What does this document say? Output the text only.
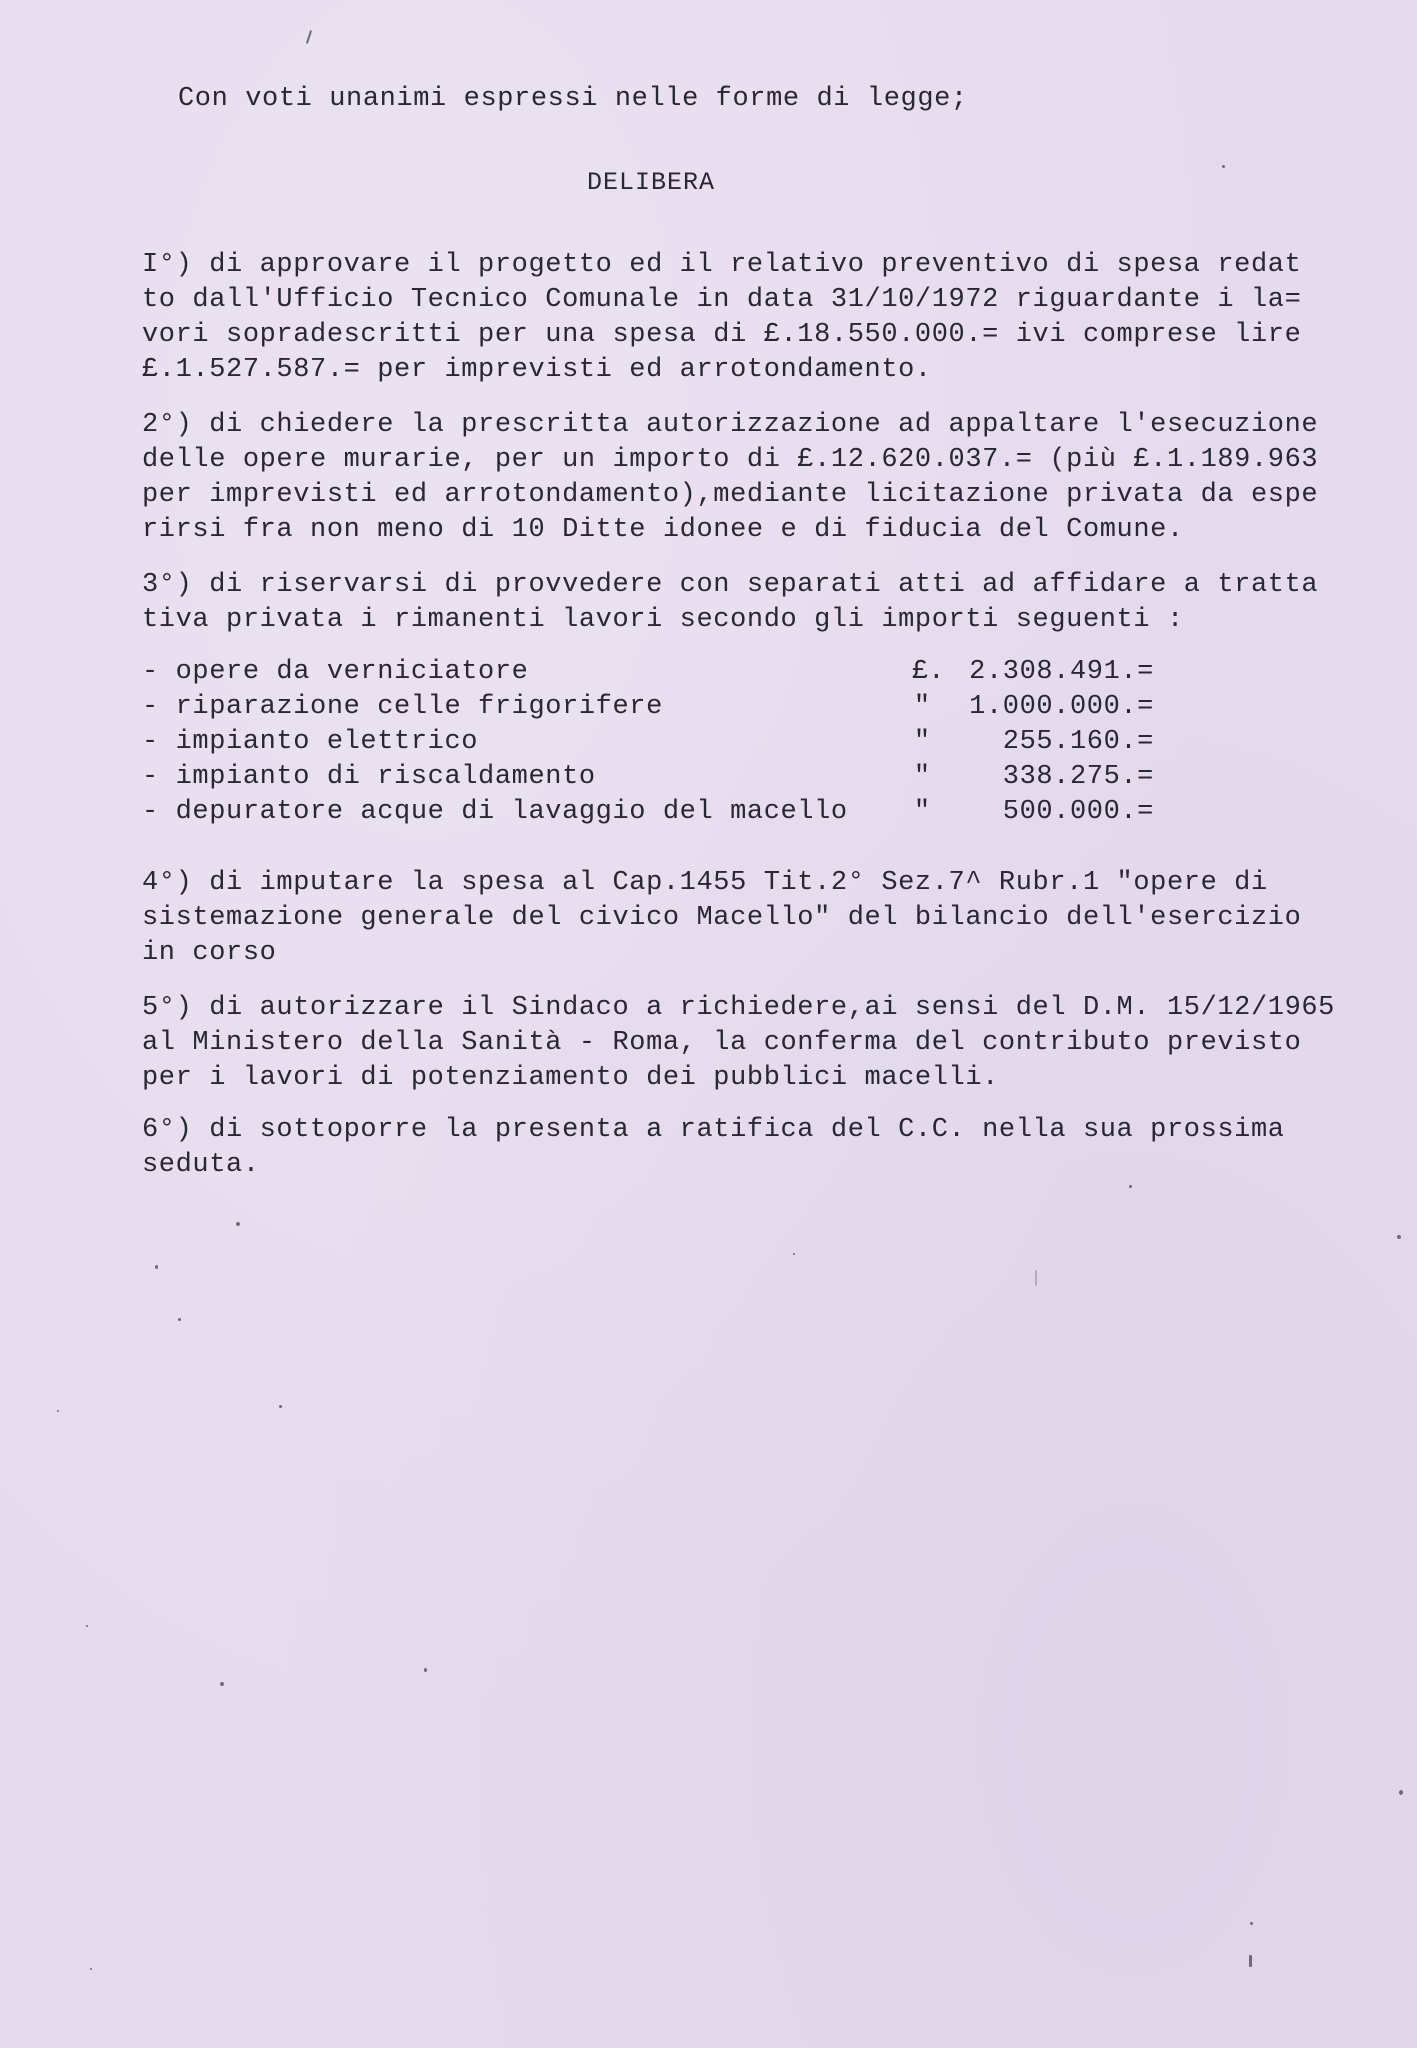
Con voti unanimi espressi nelle forme di legge;
DELIBERA
I°) di approvare il progetto ed il relativo preventivo di spesa redat
to dall'Ufficio Tecnico Comunale in data 31/10/1972 riguardante i la=
vori sopradescritti per una spesa di £.18.550.000.= ivi comprese lire
£.1.527.587.= per imprevisti ed arrotondamento.
2°) di chiedere la prescritta autorizzazione ad appaltare l'esecuzione
delle opere murarie, per un importo di £.12.620.037.= (più £.1.189.963
per imprevisti ed arrotondamento),mediante licitazione privata da espe
rirsi fra non meno di 10 Ditte idonee e di fiducia del Comune.
3°) di riservarsi di provvedere con separati atti ad affidare a tratta
tiva privata i rimanenti lavori secondo gli importi seguenti :
- opere da verniciatore	£. 2.308.491.=
- riparazione celle frigorifere	"	1.000.000.=
- impianto elettrico	"	255.160.=
- impianto di riscaldamento	"	338.275.=
- depuratore acque di lavaggio del macello "	500.000.=
4°) di imputare la spesa al Cap.1455 Tit.2° Sez.7^ Rubr.1 "opere di
sistemazione generale del civico Macello" del bilancio dell'esercizio
in corso
5°) di autorizzare il Sindaco a richiedere,ai sensi del D.M. 15/12/1965
al Ministero della Sanità - Roma, la conferma del contributo previsto
per i lavori di potenziamento dei pubblici macelli.
6°) di sottoporre la presenta a ratifica del C.C. nella sua prossima
seduta.
